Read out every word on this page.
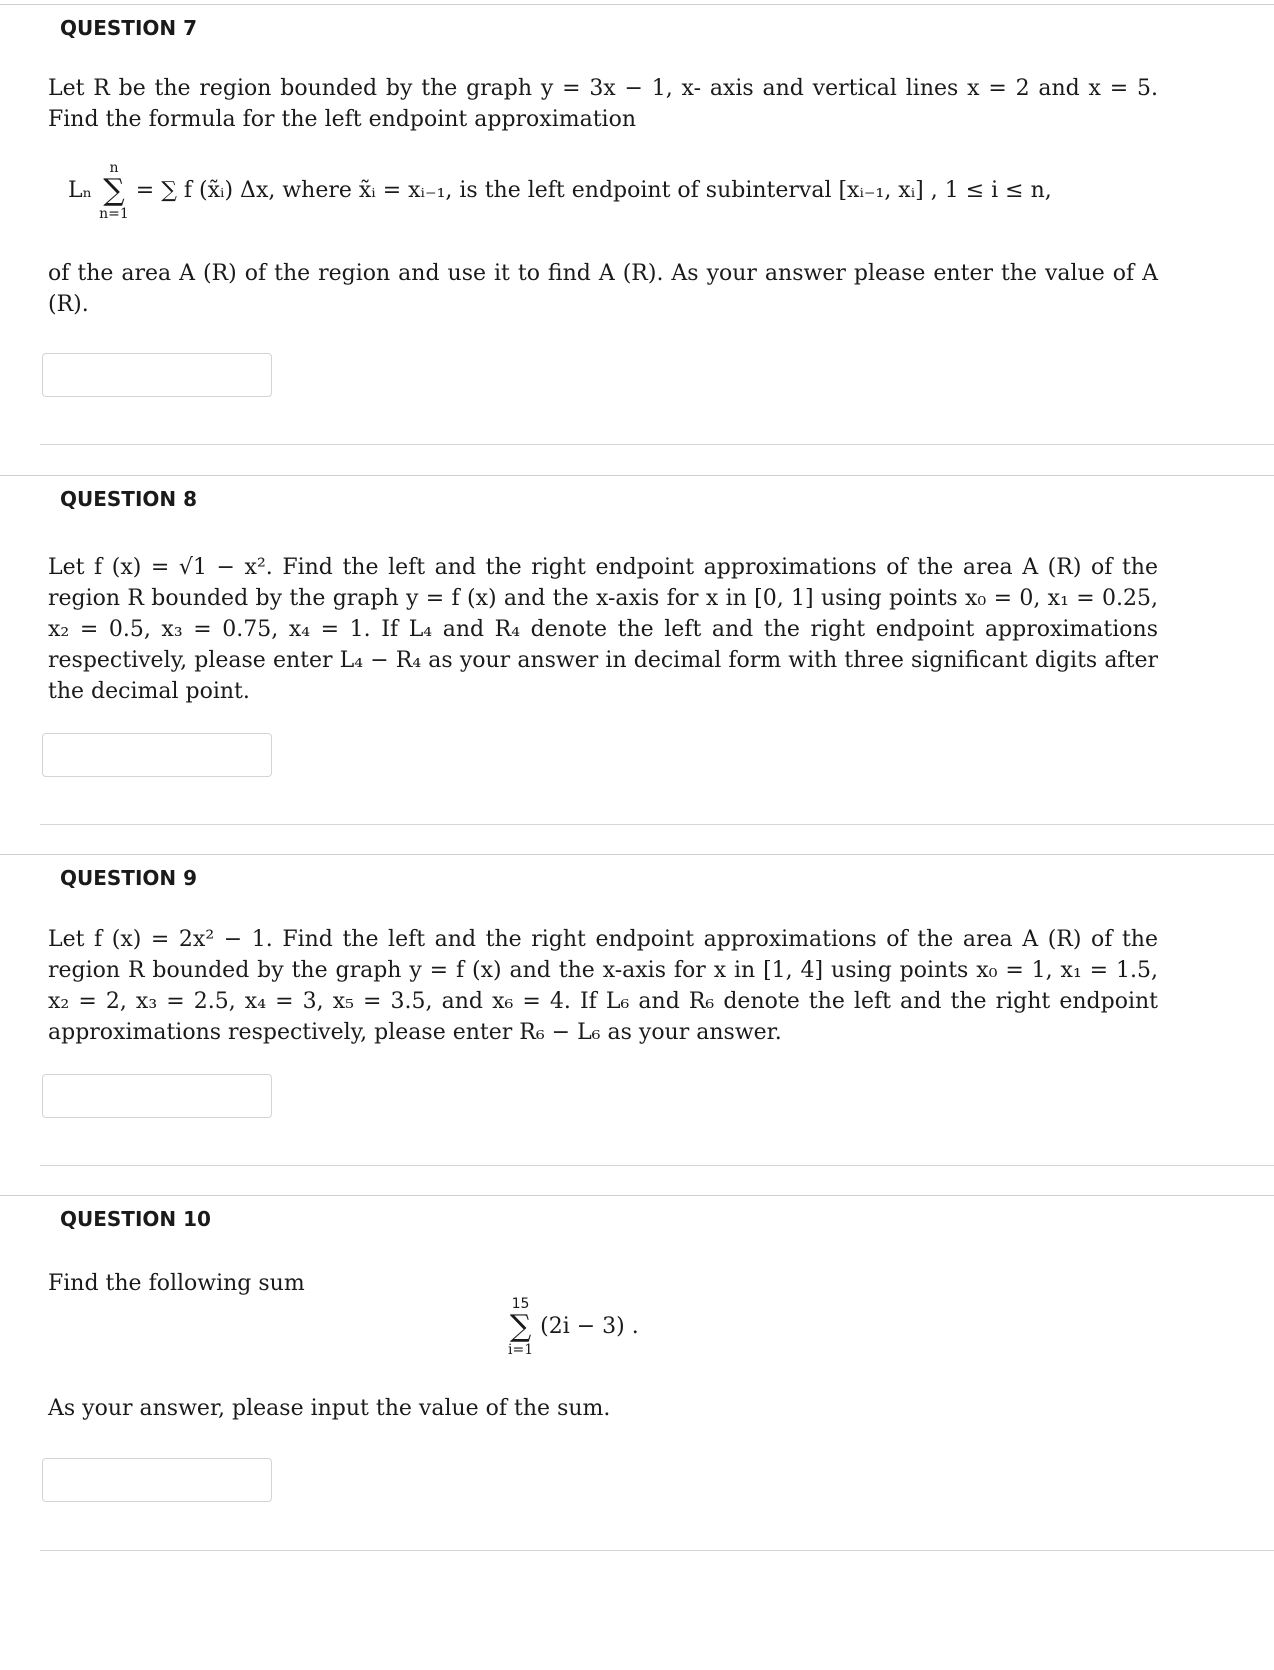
QUESTION 7
Let R be the region bounded by the graph y = 3x − 1, x- axis and vertical lines x = 2 and x = 5. Find the formula for the left endpoint approximation
Lₙ
n
∑
n=1
= ∑ f (x̃ᵢ) Δx, where x̃ᵢ = xᵢ₋₁, is the left endpoint of subinterval [xᵢ₋₁, xᵢ] , 1 ≤ i ≤ n,
of the area A (R) of the region and use it to find A (R). As your answer please enter the value of A (R).
QUESTION 8
Let f (x) = √1 − x². Find the left and the right endpoint approximations of the area A (R) of the region R bounded by the graph y = f (x) and the x-axis for x in [0, 1] using points x₀ = 0, x₁ = 0.25, x₂ = 0.5, x₃ = 0.75, x₄ = 1. If L₄ and R₄ denote the left and the right endpoint approximations respectively, please enter L₄ − R₄ as your answer in decimal form with three significant digits after the decimal point.
QUESTION 9
Let f (x) = 2x² − 1. Find the left and the right endpoint approximations of the area A (R) of the region R bounded by the graph y = f (x) and the x-axis for x in [1, 4] using points x₀ = 1, x₁ = 1.5, x₂ = 2, x₃ = 2.5, x₄ = 3, x₅ = 3.5, and x₆ = 4. If L₆ and R₆ denote the left and the right endpoint approximations respectively, please enter R₆ − L₆ as your answer.
QUESTION 10
Find the following sum
15
∑
i=1
(2i − 3) .
As your answer, please input the value of the sum.
